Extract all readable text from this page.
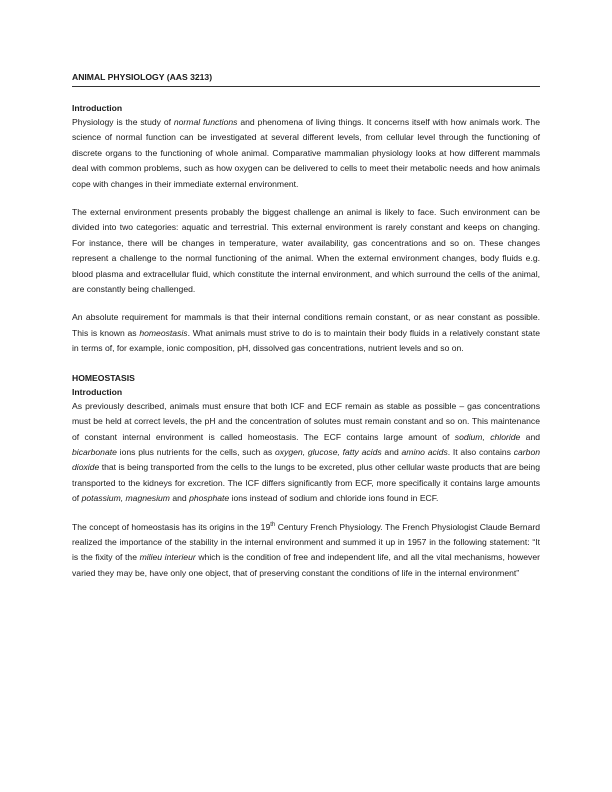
ANIMAL PHYSIOLOGY (AAS 3213)
Introduction

Physiology is the study of normal functions and phenomena of living things. It concerns itself with how animals work. The science of normal function can be investigated at several different levels, from cellular level through the functioning of discrete organs to the functioning of whole animal. Comparative mammalian physiology looks at how different mammals deal with common problems, such as how oxygen can be delivered to cells to meet their metabolic needs and how animals cope with changes in their immediate external environment.

The external environment presents probably the biggest challenge an animal is likely to face. Such environment can be divided into two categories: aquatic and terrestrial. This external environment is rarely constant and keeps on changing. For instance, there will be changes in temperature, water availability, gas concentrations and so on. These changes represent a challenge to the normal functioning of the animal. When the external environment changes, body fluids e.g. blood plasma and extracellular fluid, which constitute the internal environment, and which surround the cells of the animal, are constantly being challenged.

An absolute requirement for mammals is that their internal conditions remain constant, or as near constant as possible. This is known as homeostasis. What animals must strive to do is to maintain their body fluids in a relatively constant state in terms of, for example, ionic composition, pH, dissolved gas concentrations, nutrient levels and so on.

HOMEOSTASIS
Introduction

As previously described, animals must ensure that both ICF and ECF remain as stable as possible – gas concentrations must be held at correct levels, the pH and the concentration of solutes must remain constant and so on. This maintenance of constant internal environment is called homeostasis. The ECF contains large amount of sodium, chloride and bicarbonate ions plus nutrients for the cells, such as oxygen, glucose, fatty acids and amino acids. It also contains carbon dioxide that is being transported from the cells to the lungs to be excreted, plus other cellular waste products that are being transported to the kidneys for excretion. The ICF differs significantly from ECF, more specifically it contains large amounts of potassium, magnesium and phosphate ions instead of sodium and chloride ions found in ECF.

The concept of homeostasis has its origins in the 19th Century French Physiology. The French Physiologist Claude Bernard realized the importance of the stability in the internal environment and summed it up in 1957 in the following statement: “It is the fixity of the milieu interieur which is the condition of free and independent life, and all the vital mechanisms, however varied they may be, have only one object, that of preserving constant the conditions of life in the internal environment”
